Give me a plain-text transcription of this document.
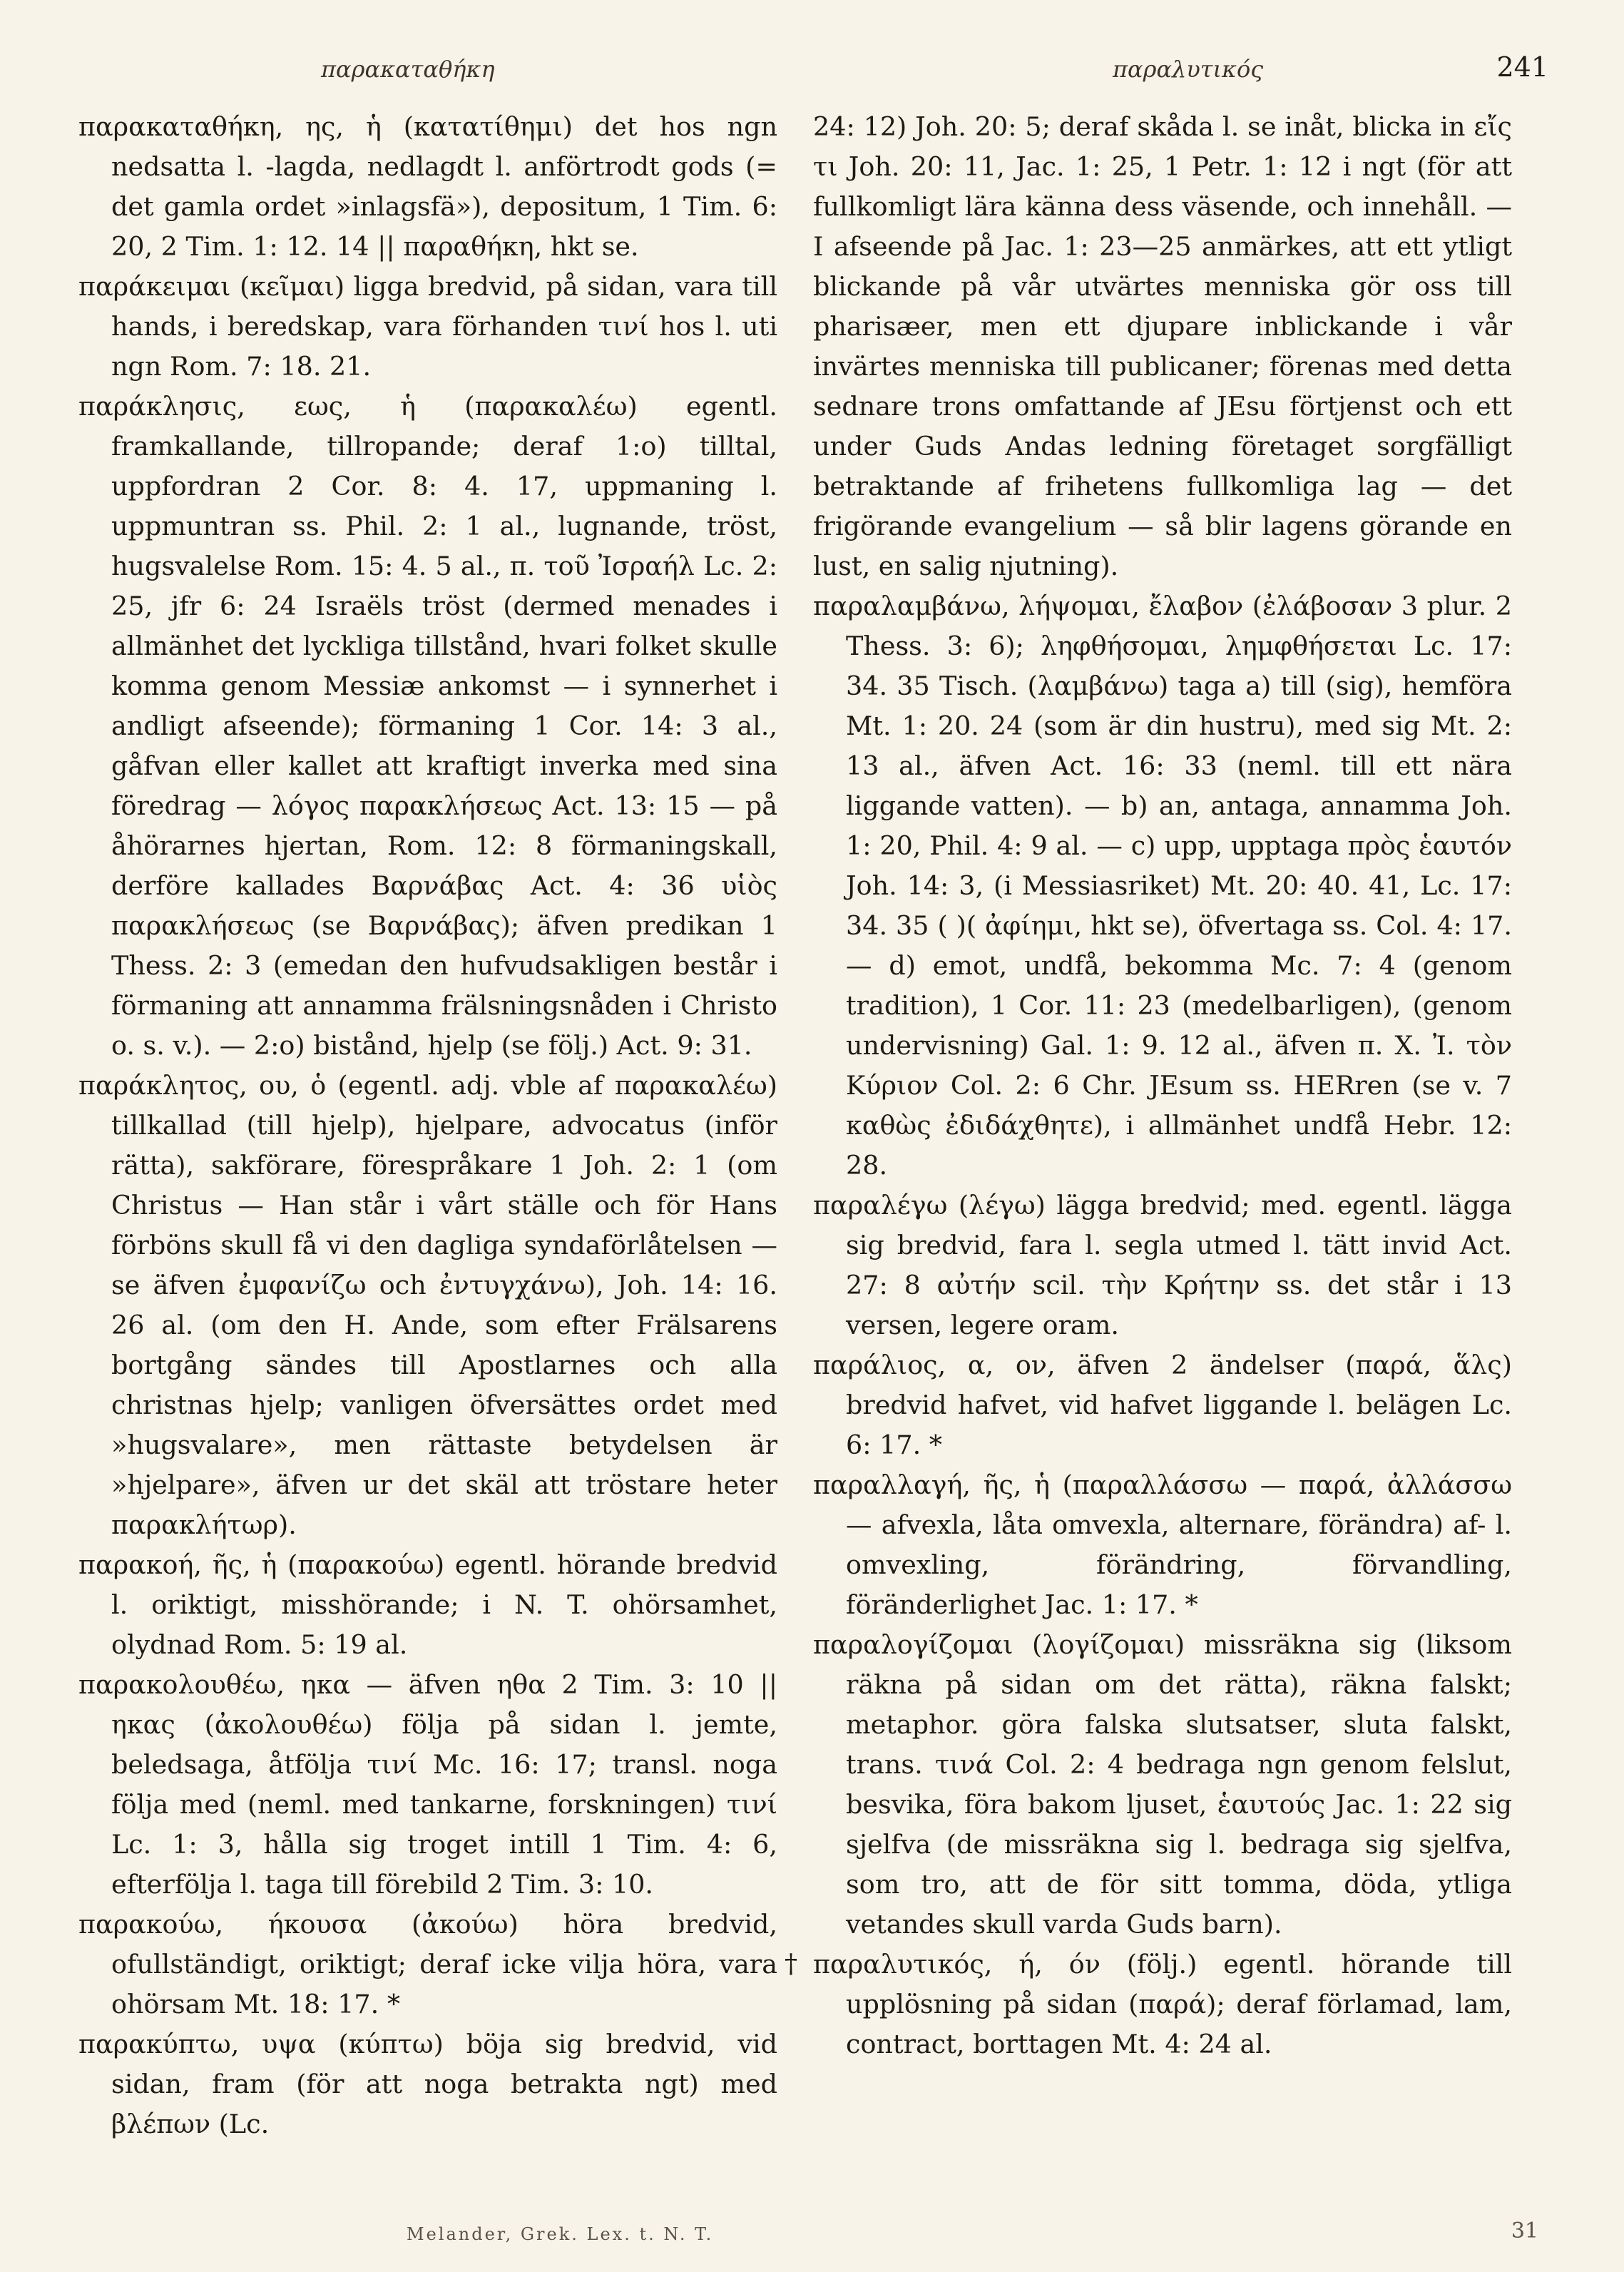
παρακαταθήκη	παραλυτικός	241

παρακαταθήκη, ης, ἡ (κατατίθημι) det hos ngn nedsatta l. -lagda, nedlagdt l. anförtrodt gods (= det gamla ordet »inlagsfä»), depositum, 1 Tim. 6: 20, 2 Tim. 1: 12. 14 || παραθήκη, hkt se.

παράκειμαι (κεῖμαι) ligga bredvid, på sidan, vara till hands, i beredskap, vara förhanden τινί hos l. uti ngn Rom. 7: 18. 21.

παράκλησις, εως, ἡ (παρακαλέω) egentl. framkallande, tillropande; deraf 1:o) tilltal, uppfordran 2 Cor. 8: 4. 17, uppmaning l. uppmuntran ss. Phil. 2: 1 al., lugnande, tröst, hugsvalelse Rom. 15: 4. 5 al., π. τοῦ Ἰσραήλ Lc. 2: 25, jfr 6: 24 Israëls tröst (dermed menades i allmänhet det lyckliga tillstånd, hvari folket skulle komma genom Messiæ ankomst — i synnerhet i andligt afseende); förmaning 1 Cor. 14: 3 al., gåfvan eller kallet att kraftigt inverka med sina föredrag — λόγος παρακλήσεως Act. 13: 15 — på åhörarnes hjertan, Rom. 12: 8 förmaningskall, derföre kallades Βαρνάβας Act. 4: 36 υἱὸς παρακλήσεως (se Βαρνάβας); äfven predikan 1 Thess. 2: 3 (emedan den hufvudsakligen består i förmaning att annamma frälsningsnåden i Christo o. s. v.). — 2:o) bistånd, hjelp (se följ.) Act. 9: 31.

παράκλητος, ου, ὁ (egentl. adj. vble af παρακαλέω) tillkallad (till hjelp), hjelpare, advocatus (inför rätta), sakförare, förespråkare 1 Joh. 2: 1 (om Christus — Han står i vårt ställe och för Hans förböns skull få vi den dagliga syndaförlåtelsen — se äfven ἐμφανίζω och ἐντυγχάνω), Joh. 14: 16. 26 al. (om den H. Ande, som efter Frälsarens bortgång sändes till Apostlarnes och alla christnas hjelp; vanligen öfversättes ordet med »hugsvalare», men rättaste betydelsen är »hjelpare», äfven ur det skäl att tröstare heter παρακλήτωρ).

παρακοή, ῆς, ἡ (παρακούω) egentl. hörande bredvid l. oriktigt, misshörande; i N. T. ohörsamhet, olydnad Rom. 5: 19 al.

παρακολουθέω, ηκα — äfven ηθα 2 Tim. 3: 10 || ηκας (ἀκολουθέω) följa på sidan l. jemte, beledsaga, åtfölja τινί Mc. 16: 17; transl. noga följa med (neml. med tankarne, forskningen) τινί Lc. 1: 3, hålla sig troget intill 1 Tim. 4: 6, efterfölja l. taga till förebild 2 Tim. 3: 10.

παρακούω, ήκουσα (ἀκούω) höra bredvid, ofullständigt, oriktigt; deraf icke vilja höra, vara ohörsam Mt. 18: 17. *

παρακύπτω, υψα (κύπτω) böja sig bredvid, vid sidan, fram (för att noga betrakta ngt) med βλέπων (Lc.

24: 12) Joh. 20: 5; deraf skåda l. se inåt, blicka in εἴς τι Joh. 20: 11, Jac. 1: 25, 1 Petr. 1: 12 i ngt (för att fullkomligt lära känna dess väsende, och innehåll. — I afseende på Jac. 1: 23—25 anmärkes, att ett ytligt blickande på vår utvärtes menniska gör oss till pharisæer, men ett djupare inblickande i vår invärtes menniska till publicaner; förenas med detta sednare trons omfattande af JEsu förtjenst och ett under Guds Andas ledning företaget sorgfälligt betraktande af frihetens fullkomliga lag — det frigörande evangelium — så blir lagens görande en lust, en salig njutning).

παραλαμβάνω, λήψομαι, ἔλαβον (ἐλάβοσαν 3 plur. 2 Thess. 3: 6); ληφθήσομαι, λημφθήσεται Lc. 17: 34. 35 Tisch. (λαμβάνω) taga a) till (sig), hemföra Mt. 1: 20. 24 (som är din hustru), med sig Mt. 2: 13 al., äfven Act. 16: 33 (neml. till ett nära liggande vatten). — b) an, antaga, annamma Joh. 1: 20, Phil. 4: 9 al. — c) upp, upptaga πρὸς ἑαυτόν Joh. 14: 3, (i Messiasriket) Mt. 20: 40. 41, Lc. 17: 34. 35 ( )( ἀφίημι, hkt se), öfvertaga ss. Col. 4: 17. — d) emot, undfå, bekomma Mc. 7: 4 (genom tradition), 1 Cor. 11: 23 (medelbarligen), (genom undervisning) Gal. 1: 9. 12 al., äfven π. Χ. Ἰ. τὸν Κύριον Col. 2: 6 Chr. JEsum ss. HERren (se v. 7 καθὼς ἐδιδάχθητε), i allmänhet undfå Hebr. 12: 28.

παραλέγω (λέγω) lägga bredvid; med. egentl. lägga sig bredvid, fara l. segla utmed l. tätt invid Act. 27: 8 αὐτήν scil. τὴν Κρήτην ss. det står i 13 versen, legere oram.

παράλιος, α, ον, äfven 2 ändelser (παρά, ἅλς) bredvid hafvet, vid hafvet liggande l. belägen Lc. 6: 17. *

παραλλαγή, ῆς, ἡ (παραλλάσσω — παρά, ἀλλάσσω — afvexla, låta omvexla, alternare, förändra) af- l. omvexling, förändring, förvandling, föränderlighet Jac. 1: 17. *

παραλογίζομαι (λογίζομαι) missräkna sig (liksom räkna på sidan om det rätta), räkna falskt; metaphor. göra falska slutsatser, sluta falskt, trans. τινά Col. 2: 4 bedraga ngn genom felslut, besvika, föra bakom ljuset, ἑαυτούς Jac. 1: 22 sig sjelfva (de missräkna sig l. bedraga sig sjelfva, som tro, att de för sitt tomma, döda, ytliga vetandes skull varda Guds barn).

† παραλυτικός, ή, όν (följ.) egentl. hörande till upplösning på sidan (παρά); deraf förlamad, lam, contract, borttagen Mt. 4: 24 al.
Melander, Grek. Lex. t. N. T.	31
